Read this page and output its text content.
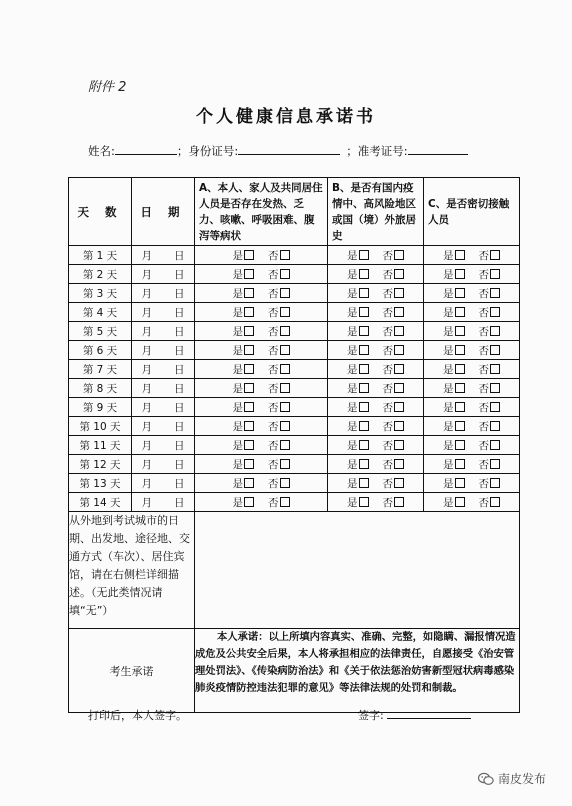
附件 2
个人健康信息承诺书
姓名:	；身份证号:	；准考证号:
天 数	日 期	A、本人、家人及共同居住人员是否存在发热、乏力、咳嗽、呼吸困难、腹泻等病状	B、是否有国内疫情中、高风险地区或国（境）外旅居史	C、是否密切接触人员
第 1 天	月 日	是 否	是 否	是 否
第 2 天	月 日	是 否	是 否	是 否
第 3 天	月 日	是 否	是 否	是 否
第 4 天	月 日	是 否	是 否	是 否
第 5 天	月 日	是 否	是 否	是 否
第 6 天	月 日	是 否	是 否	是 否
第 7 天	月 日	是 否	是 否	是 否
第 8 天	月 日	是 否	是 否	是 否
第 9 天	月 日	是 否	是 否	是 否
第 10 天	月 日	是 否	是 否	是 否
第 11 天	月 日	是 否	是 否	是 否
第 12 天	月 日	是 否	是 否	是 否
第 13 天	月 日	是 否	是 否	是 否
第 14 天	月 日	是 否	是 否	是 否
从外地到考试城市的日期、出发地、途径地、交通方式（车次）、居住宾馆，请在右侧栏详细描述。（无此类情况请填“无”）				
考生承诺		本人承诺：以上所填内容真实、准确、完整，如隐瞒、漏报情况造成危及公共安全后果，本人将承担相应的法律责任，自愿接受《治安管理处罚法》、《传染病防治法》和《关于依法惩治妨害新型冠状病毒感染肺炎疫情防控违法犯罪的意见》等法律法规的处罚和制裁。		
打印后，本人签字。	签字:
南皮发布
